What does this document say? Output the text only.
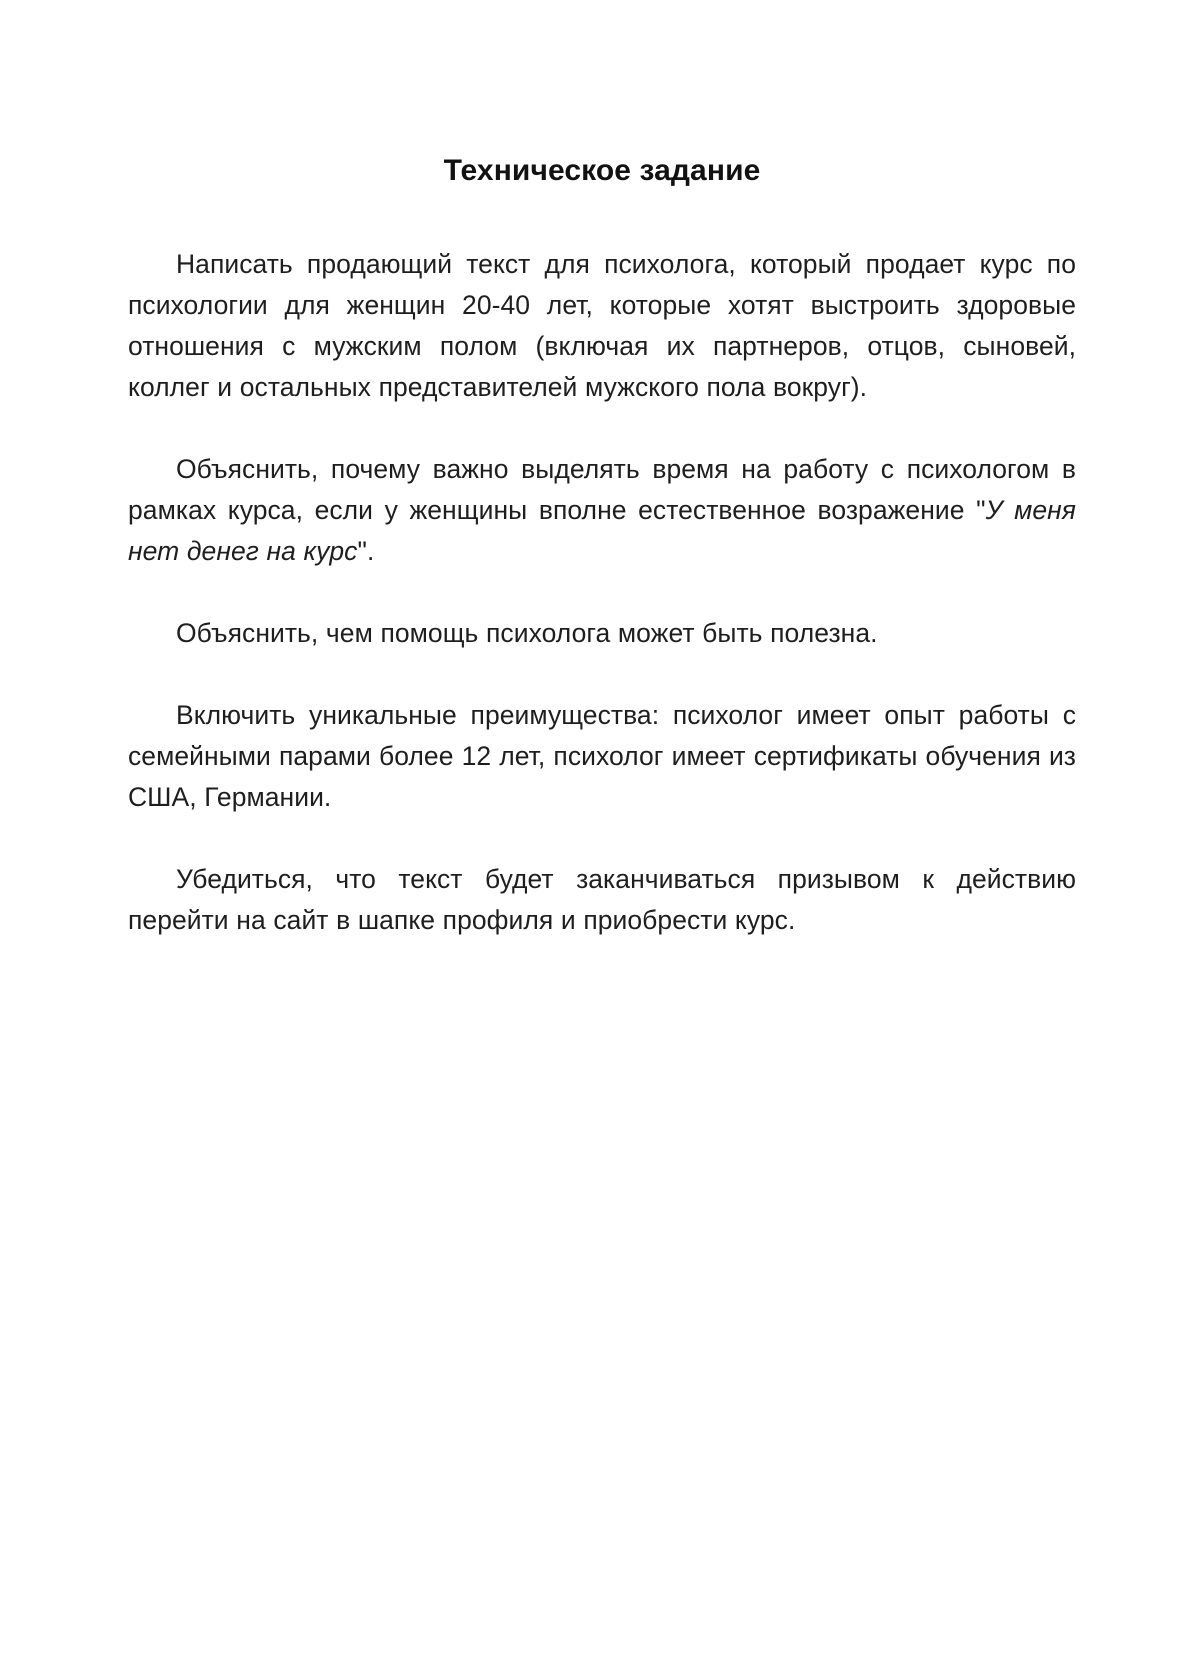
Техническое задание

Написать продающий текст для психолога, который продает курс по психологии для женщин 20-40 лет, которые хотят выстроить здоровые отношения с мужским полом (включая их партнеров, отцов, сыновей, коллег и остальных представителей мужского пола вокруг).

Объяснить, почему важно выделять время на работу с психологом в рамках курса, если у женщины вполне естественное возражение "У меня нет денег на курс".

Объяснить, чем помощь психолога может быть полезна.

Включить уникальные преимущества: психолог имеет опыт работы с семейными парами более 12 лет, психолог имеет сертификаты обучения из США, Германии.

Убедиться, что текст будет заканчиваться призывом к действию перейти на сайт в шапке профиля и приобрести курс.
